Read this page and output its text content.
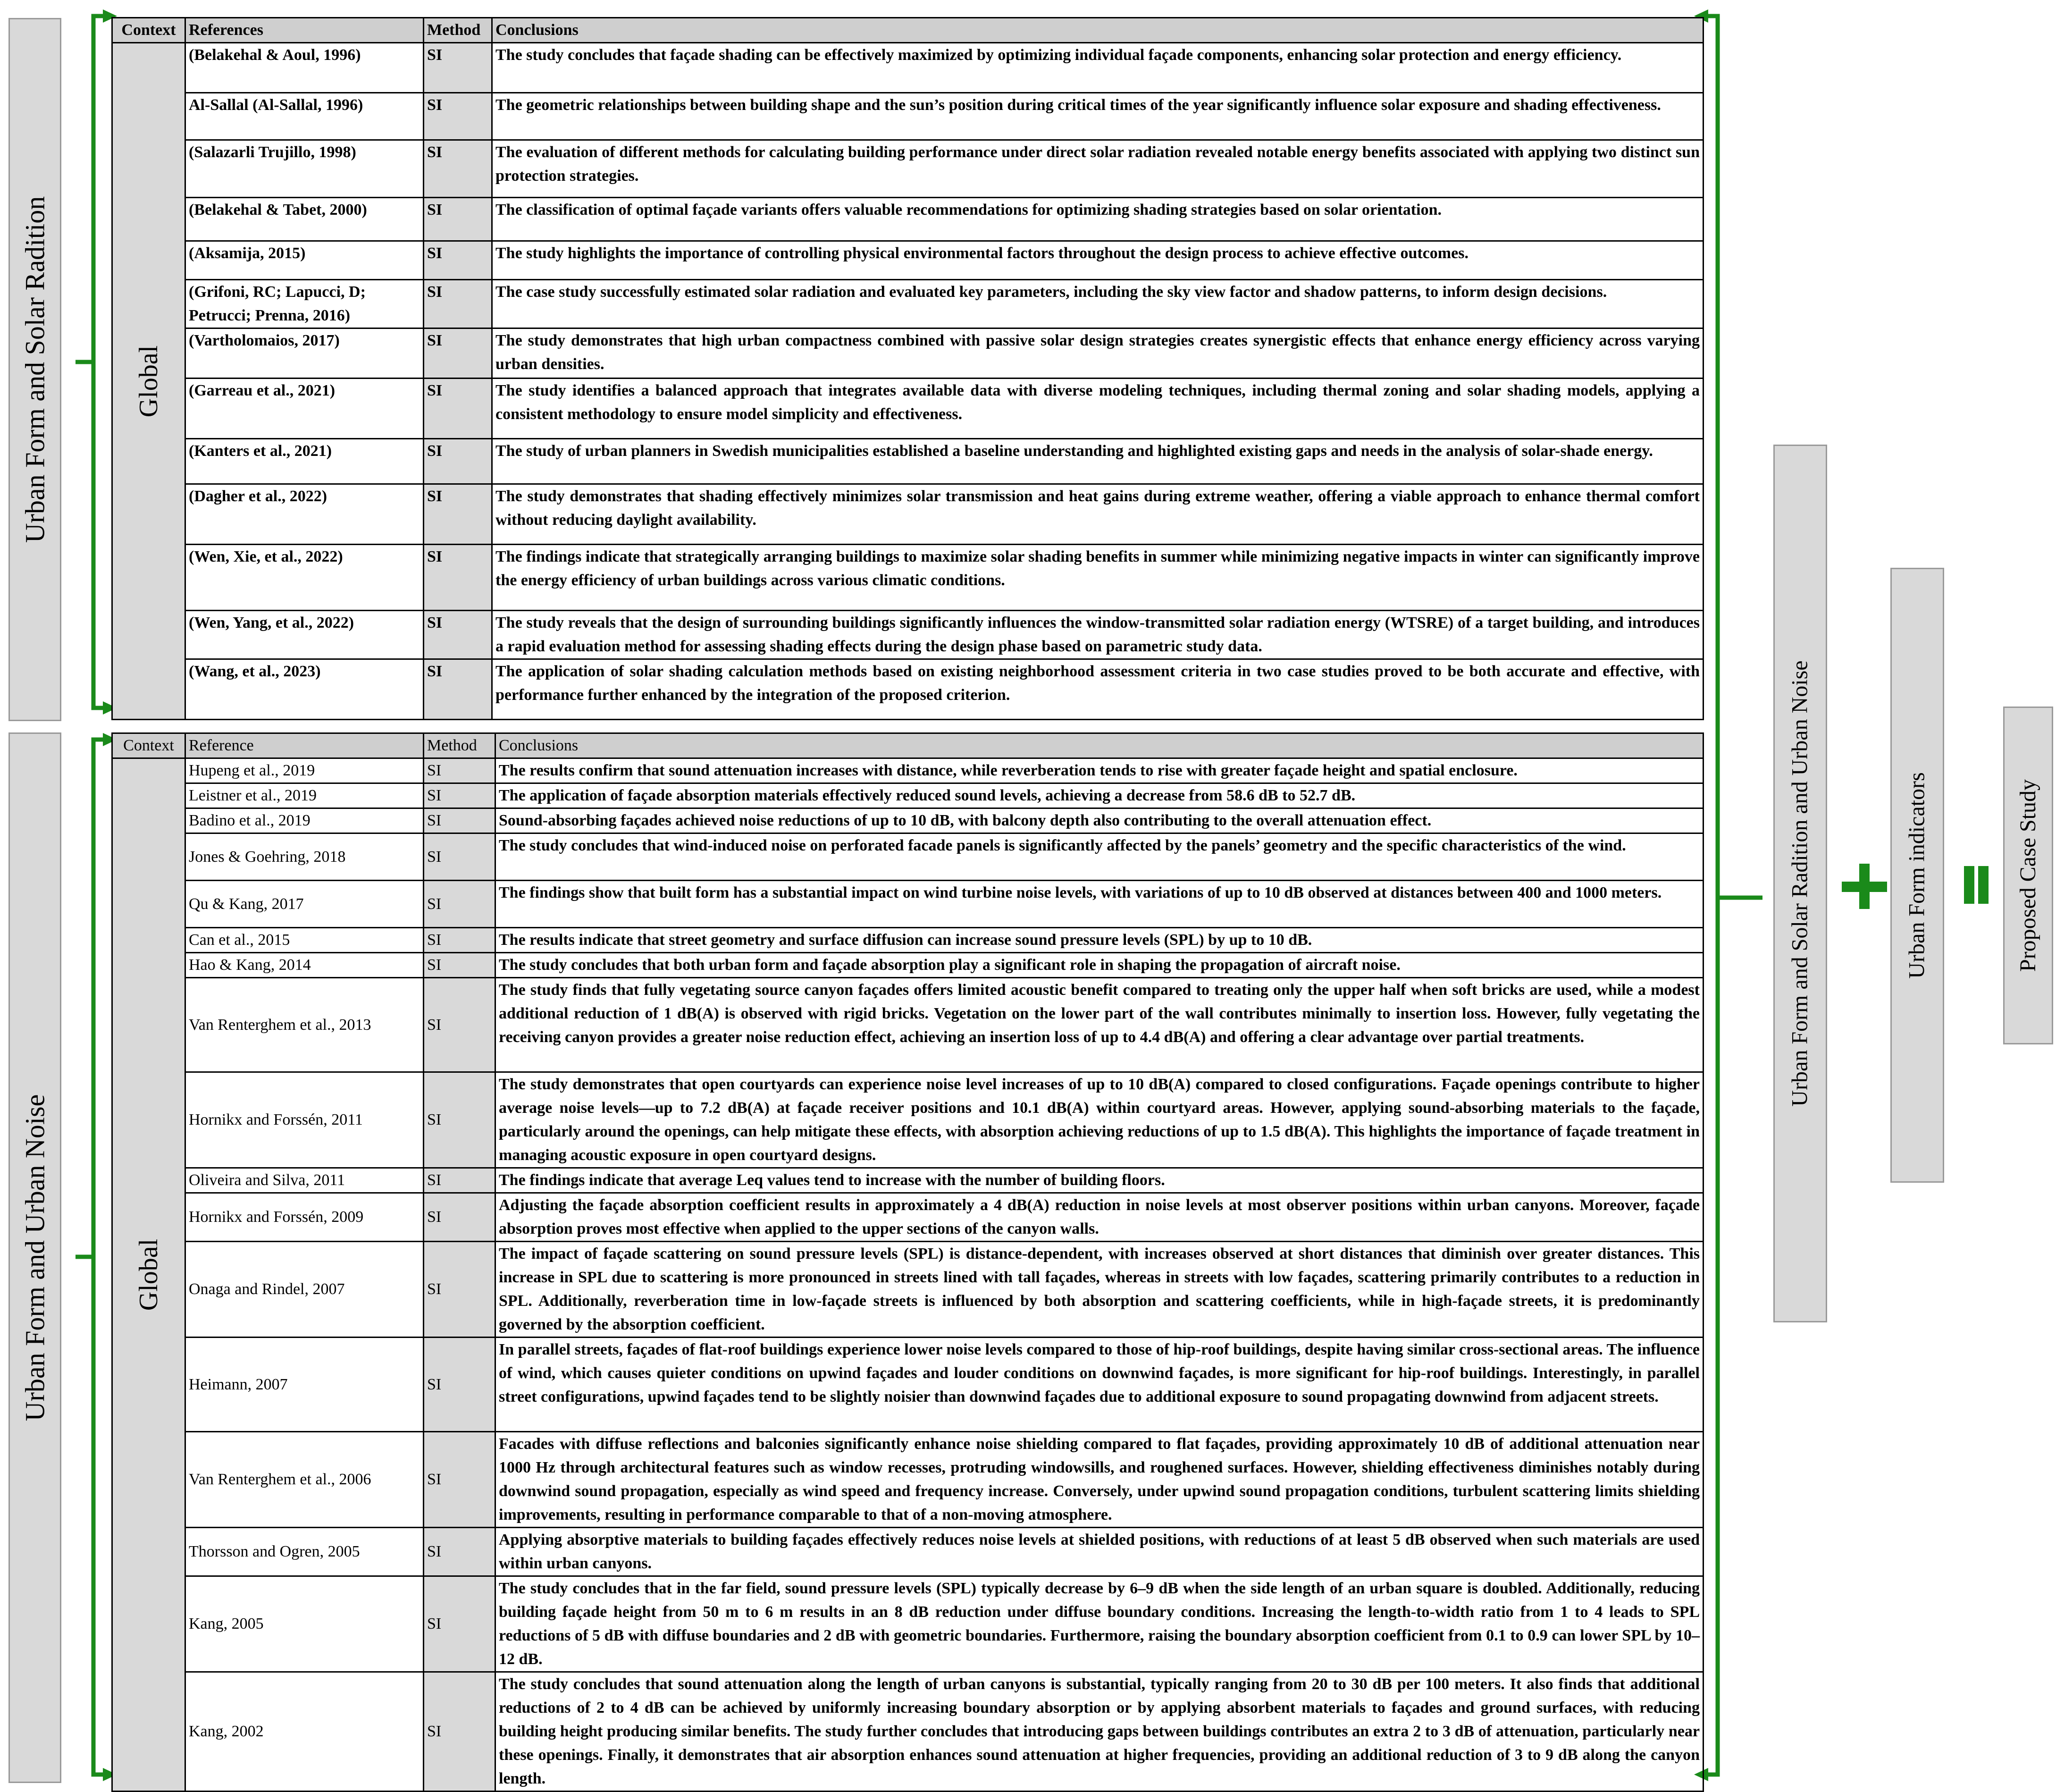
Urban Form and Solar Radition
Urban Form and Urban Noise
Urban Form and Solar Radition and Urban Noise	Urban Form indicators	Proposed Case Study
Context	References	Method	Conclusions

Global	(Belakehal & Aoul, 1996)	SI	The study concludes that façade shading can be effectively maximized by optimizing individual façade components, enhancing solar protection and energy efficiency.
	Al-Sallal (Al-Sallal, 1996)	SI	The geometric relationships between building shape and the sun’s position during critical times of the year significantly influence solar exposure and shading effectiveness.
	(Salazarli Trujillo, 1998)	SI	The evaluation of different methods for calculating building performance under direct solar radiation revealed notable energy benefits associated with applying two distinct sun protection strategies.
	(Belakehal & Tabet, 2000)	SI	The classification of optimal façade variants offers valuable recommendations for optimizing shading strategies based on solar orientation.
	(Aksamija, 2015)	SI	The study highlights the importance of controlling physical environmental factors throughout the design process to achieve effective outcomes.
	(Grifoni, RC; Lapucci, D; Petrucci; Prenna, 2016)	SI	The case study successfully estimated solar radiation and evaluated key parameters, including the sky view factor and shadow patterns, to inform design decisions.
	(Vartholomaios, 2017)	SI	The study demonstrates that high urban compactness combined with passive solar design strategies creates synergistic effects that enhance energy efficiency across varying urban densities.
	(Garreau et al., 2021)	SI	The study identifies a balanced approach that integrates available data with diverse modeling techniques, including thermal zoning and solar shading models, applying a consistent methodology to ensure model simplicity and effectiveness.
	(Kanters et al., 2021)	SI	The study of urban planners in Swedish municipalities established a baseline understanding and highlighted existing gaps and needs in the analysis of solar-shade energy.
	(Dagher et al., 2022)	SI	The study demonstrates that shading effectively minimizes solar transmission and heat gains during extreme weather, offering a viable approach to enhance thermal comfort without reducing daylight availability.
	(Wen, Xie, et al., 2022)	SI	The findings indicate that strategically arranging buildings to maximize solar shading benefits in summer while minimizing negative impacts in winter can significantly improve the energy efficiency of urban buildings across various climatic conditions.
	(Wen, Yang, et al., 2022)	SI	The study reveals that the design of surrounding buildings significantly influences the window-transmitted solar radiation energy (WTSRE) of a target building, and introduces a rapid evaluation method for assessing shading effects during the design phase based on parametric study data.
	(Wang, et al., 2023)	SI	The application of solar shading calculation methods based on existing neighborhood assessment criteria in two case studies proved to be both accurate and effective, with performance further enhanced by the integration of the proposed criterion.
Context	Reference	Method	Conclusions

Global	Hupeng et al., 2019	SI	The results confirm that sound attenuation increases with distance, while reverberation tends to rise with greater façade height and spatial enclosure.
	Leistner et al., 2019	SI	The application of façade absorption materials effectively reduced sound levels, achieving a decrease from 58.6 dB to 52.7 dB.
	Badino et al., 2019	SI	Sound-absorbing façades achieved noise reductions of up to 10 dB, with balcony depth also contributing to the overall attenuation effect.
	Jones & Goehring, 2018	SI	The study concludes that wind-induced noise on perforated facade panels is significantly affected by the panels’ geometry and the specific characteristics of the wind.
	Qu & Kang, 2017	SI	The findings show that built form has a substantial impact on wind turbine noise levels, with variations of up to 10 dB observed at distances between 400 and 1000 meters.
	Can et al., 2015	SI	The results indicate that street geometry and surface diffusion can increase sound pressure levels (SPL) by up to 10 dB.
	Hao & Kang, 2014	SI	The study concludes that both urban form and façade absorption play a significant role in shaping the propagation of aircraft noise.
	Van Renterghem et al., 2013	SI	The study finds that fully vegetating source canyon façades offers limited acoustic benefit compared to treating only the upper half when soft bricks are used, while a modest additional reduction of 1 dB(A) is observed with rigid bricks. Vegetation on the lower part of the wall contributes minimally to insertion loss. However, fully vegetating the receiving canyon provides a greater noise reduction effect, achieving an insertion loss of up to 4.4 dB(A) and offering a clear advantage over partial treatments.
	Hornikx and Forssén, 2011	SI	The study demonstrates that open courtyards can experience noise level increases of up to 10 dB(A) compared to closed configurations. Façade openings contribute to higher average noise levels—up to 7.2 dB(A) at façade receiver positions and 10.1 dB(A) within courtyard areas. However, applying sound-absorbing materials to the façade, particularly around the openings, can help mitigate these effects, with absorption achieving reductions of up to 1.5 dB(A). This highlights the importance of façade treatment in managing acoustic exposure in open courtyard designs.
	Oliveira and Silva, 2011	SI	The findings indicate that average Leq values tend to increase with the number of building floors.
	Hornikx and Forssén, 2009	SI	Adjusting the façade absorption coefficient results in approximately a 4 dB(A) reduction in noise levels at most observer positions within urban canyons. Moreover, façade absorption proves most effective when applied to the upper sections of the canyon walls.
	Onaga and Rindel, 2007	SI	The impact of façade scattering on sound pressure levels (SPL) is distance-dependent, with increases observed at short distances that diminish over greater distances. This increase in SPL due to scattering is more pronounced in streets lined with tall façades, whereas in streets with low façades, scattering primarily contributes to a reduction in SPL. Additionally, reverberation time in low-façade streets is influenced by both absorption and scattering coefficients, while in high-façade streets, it is predominantly governed by the absorption coefficient.
	Heimann, 2007	SI	In parallel streets, façades of flat-roof buildings experience lower noise levels compared to those of hip-roof buildings, despite having similar cross-sectional areas. The influence of wind, which causes quieter conditions on upwind façades and louder conditions on downwind façades, is more significant for hip-roof buildings. Interestingly, in parallel street configurations, upwind façades tend to be slightly noisier than downwind façades due to additional exposure to sound propagating downwind from adjacent streets.
	Van Renterghem et al., 2006	SI	Facades with diffuse reflections and balconies significantly enhance noise shielding compared to flat façades, providing approximately 10 dB of additional attenuation near 1000 Hz through architectural features such as window recesses, protruding windowsills, and roughened surfaces. However, shielding effectiveness diminishes notably during downwind sound propagation, especially as wind speed and frequency increase. Conversely, under upwind sound propagation conditions, turbulent scattering limits shielding improvements, resulting in performance comparable to that of a non-moving atmosphere.
	Thorsson and Ogren, 2005	SI	Applying absorptive materials to building façades effectively reduces noise levels at shielded positions, with reductions of at least 5 dB observed when such materials are used within urban canyons.
	Kang, 2005	SI	The study concludes that in the far field, sound pressure levels (SPL) typically decrease by 6–9 dB when the side length of an urban square is doubled. Additionally, reducing building façade height from 50 m to 6 m results in an 8 dB reduction under diffuse boundary conditions. Increasing the length-to-width ratio from 1 to 4 leads to SPL reductions of 5 dB with diffuse boundaries and 2 dB with geometric boundaries. Furthermore, raising the boundary absorption coefficient from 0.1 to 0.9 can lower SPL by 10–12 dB.
	Kang, 2002	SI	The study concludes that sound attenuation along the length of urban canyons is substantial, typically ranging from 20 to 30 dB per 100 meters. It also finds that additional reductions of 2 to 4 dB can be achieved by uniformly increasing boundary absorption or by applying absorbent materials to façades and ground surfaces, with reducing building height producing similar benefits. The study further concludes that introducing gaps between buildings contributes an extra 2 to 3 dB of attenuation, particularly near these openings. Finally, it demonstrates that air absorption enhances sound attenuation at higher frequencies, providing an additional reduction of 3 to 9 dB along the canyon length.
